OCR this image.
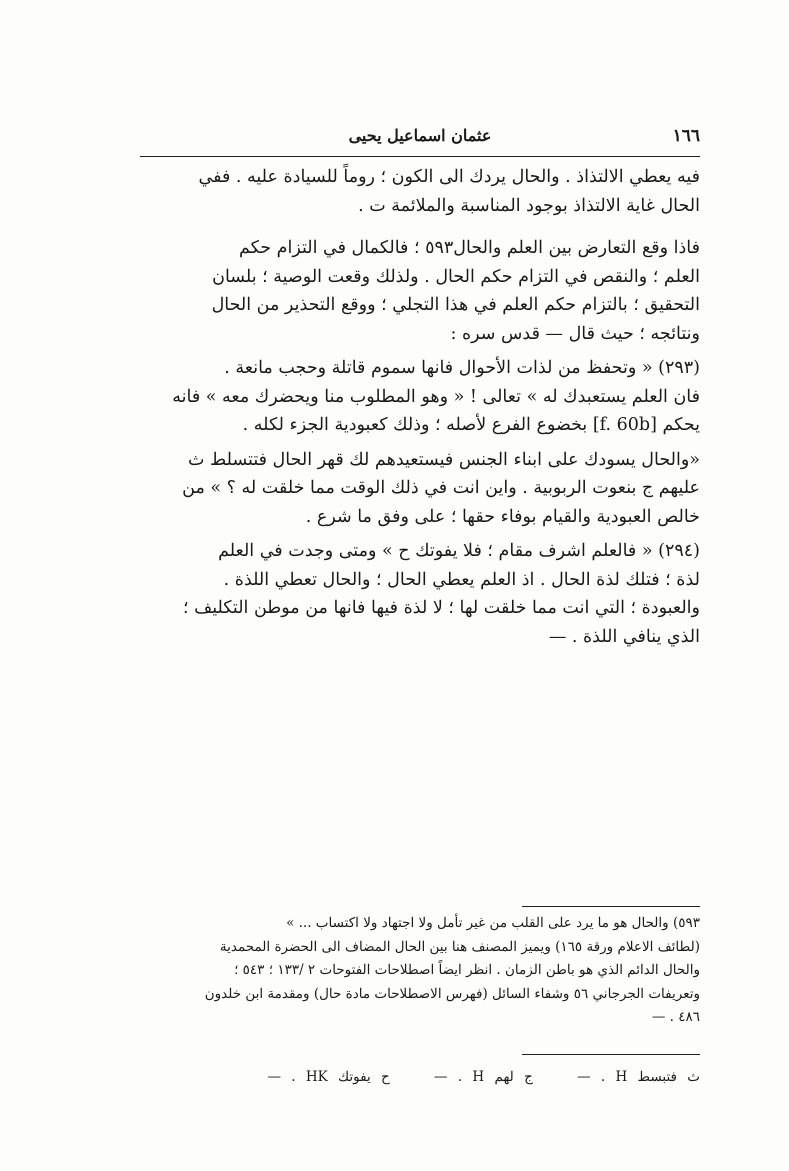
١٦٦
عثمان اسماعيل يحيى

فيه يعطي الالتذاذ . والحال يردك الى الكون ؛ روماً للسيادة عليه . ففي
الحال غاية الالتذاذ بوجود المناسبة والملائمة ت .

فاذا وقع التعارض بين العلم والحال٥٩٣ ؛ فالكمال في التزام حكم
العلم ؛ والنقص في التزام حكم الحال . ولذلك وقعت الوصية ؛ بلسان
التحقيق ؛ بالتزام حكم العلم في هذا التجلي ؛ ووقع التحذير من الحال
ونتائجه ؛ حيث قال — قدس سره :

(٢٩٣) « وتحفظ من لذات الأحوال فانها سموم قاتلة وحجب مانعة .
فان العلم يستعبدك له » تعالى ! « وهو المطلوب منا ويحضرك معه » فانه
يحكم [f. 60b] بخضوع الفرع لأصله ؛ وذلك كعبودية الجزء لكله .

«والحال يسودك على ابناء الجنس فيستعيدهم لك قهر الحال فتتسلط ث
عليهم ج بنعوت الربوبية . واين انت في ذلك الوقت مما خلقت له ؟ » من
خالص العبودية والقيام بوفاء حقها ؛ على وفق ما شرع .

(٢٩٤) « فالعلم اشرف مقام ؛ فلا يفوتك ح » ومتى وجدت في العلم
لذة ؛ فتلك لذة الحال . اذ العلم يعطي الحال ؛ والحال تعطي اللذة .
والعبودة ؛ التي انت مما خلقت لها ؛ لا لذة فيها فانها من موطن التكليف ؛
الذي ينافي اللذة . —

٥٩٣) والحال هو ما يرد على القلب من غير تأمل ولا اجتهاد ولا اكتساب ... »
(لطائف الاعلام ورقة ١٦٥) ويميز المصنف هنا بين الحال المضاف الى الحضرة المحمدية
والحال الدائم الذي هو باطن الزمان . انظر ايضاً اصطلاحات الفتوحات ٢ /١٣٣ ؛ ٥٤٣ ؛
وتعريفات الجرجاني ٥٦ وشفاء السائل (فهرس الاصطلاحات مادة حال) ومقدمة ابن خلدون
٤٨٦ . —
ث فتبسط H . — ج لهم H . — ح يفوتك HK . —
